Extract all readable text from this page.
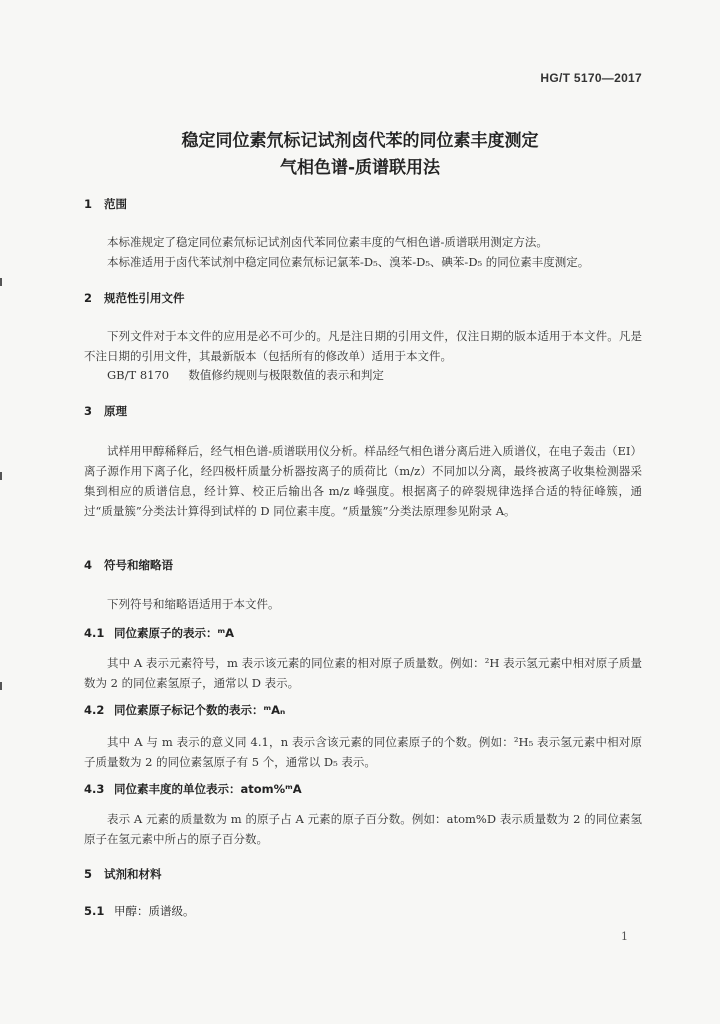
HG/T 5170—2017
稳定同位素氘标记试剂卤代苯的同位素丰度测定
气相色谱-质谱联用法
1 范围
本标准规定了稳定同位素氘标记试剂卤代苯同位素丰度的气相色谱-质谱联用测定方法。
本标准适用于卤代苯试剂中稳定同位素氘标记氯苯-D₅、溴苯-D₅、碘苯-D₅ 的同位素丰度测定。
2 规范性引用文件
下列文件对于本文件的应用是必不可少的。凡是注日期的引用文件，仅注日期的版本适用于本文件。凡是不注日期的引用文件，其最新版本（包括所有的修改单）适用于本文件。
GB/T 8170 数值修约规则与极限数值的表示和判定
3 原理
试样用甲醇稀释后，经气相色谱-质谱联用仪分析。样品经气相色谱分离后进入质谱仪，在电子轰击（EI）离子源作用下离子化，经四极杆质量分析器按离子的质荷比（m/z）不同加以分离，最终被离子收集检测器采集到相应的质谱信息，经计算、校正后输出各 m/z 峰强度。根据离子的碎裂规律选择合适的特征峰簇，通过“质量簇”分类法计算得到试样的 D 同位素丰度。“质量簇”分类法原理参见附录 A。
4 符号和缩略语
下列符号和缩略语适用于本文件。
4.1 同位素原子的表示：ᵐA
其中 A 表示元素符号，m 表示该元素的同位素的相对原子质量数。例如：²H 表示氢元素中相对原子质量数为 2 的同位素氢原子，通常以 D 表示。
4.2 同位素原子标记个数的表示：ᵐAₙ
其中 A 与 m 表示的意义同 4.1，n 表示含该元素的同位素原子的个数。例如：²H₅ 表示氢元素中相对原子质量数为 2 的同位素氢原子有 5 个，通常以 D₅ 表示。
4.3 同位素丰度的单位表示：atom%ᵐA
表示 A 元素的质量数为 m 的原子占 A 元素的原子百分数。例如：atom%D 表示质量数为 2 的同位素氢原子在氢元素中所占的原子百分数。
5 试剂和材料
5.1 甲醇：质谱级。
1
